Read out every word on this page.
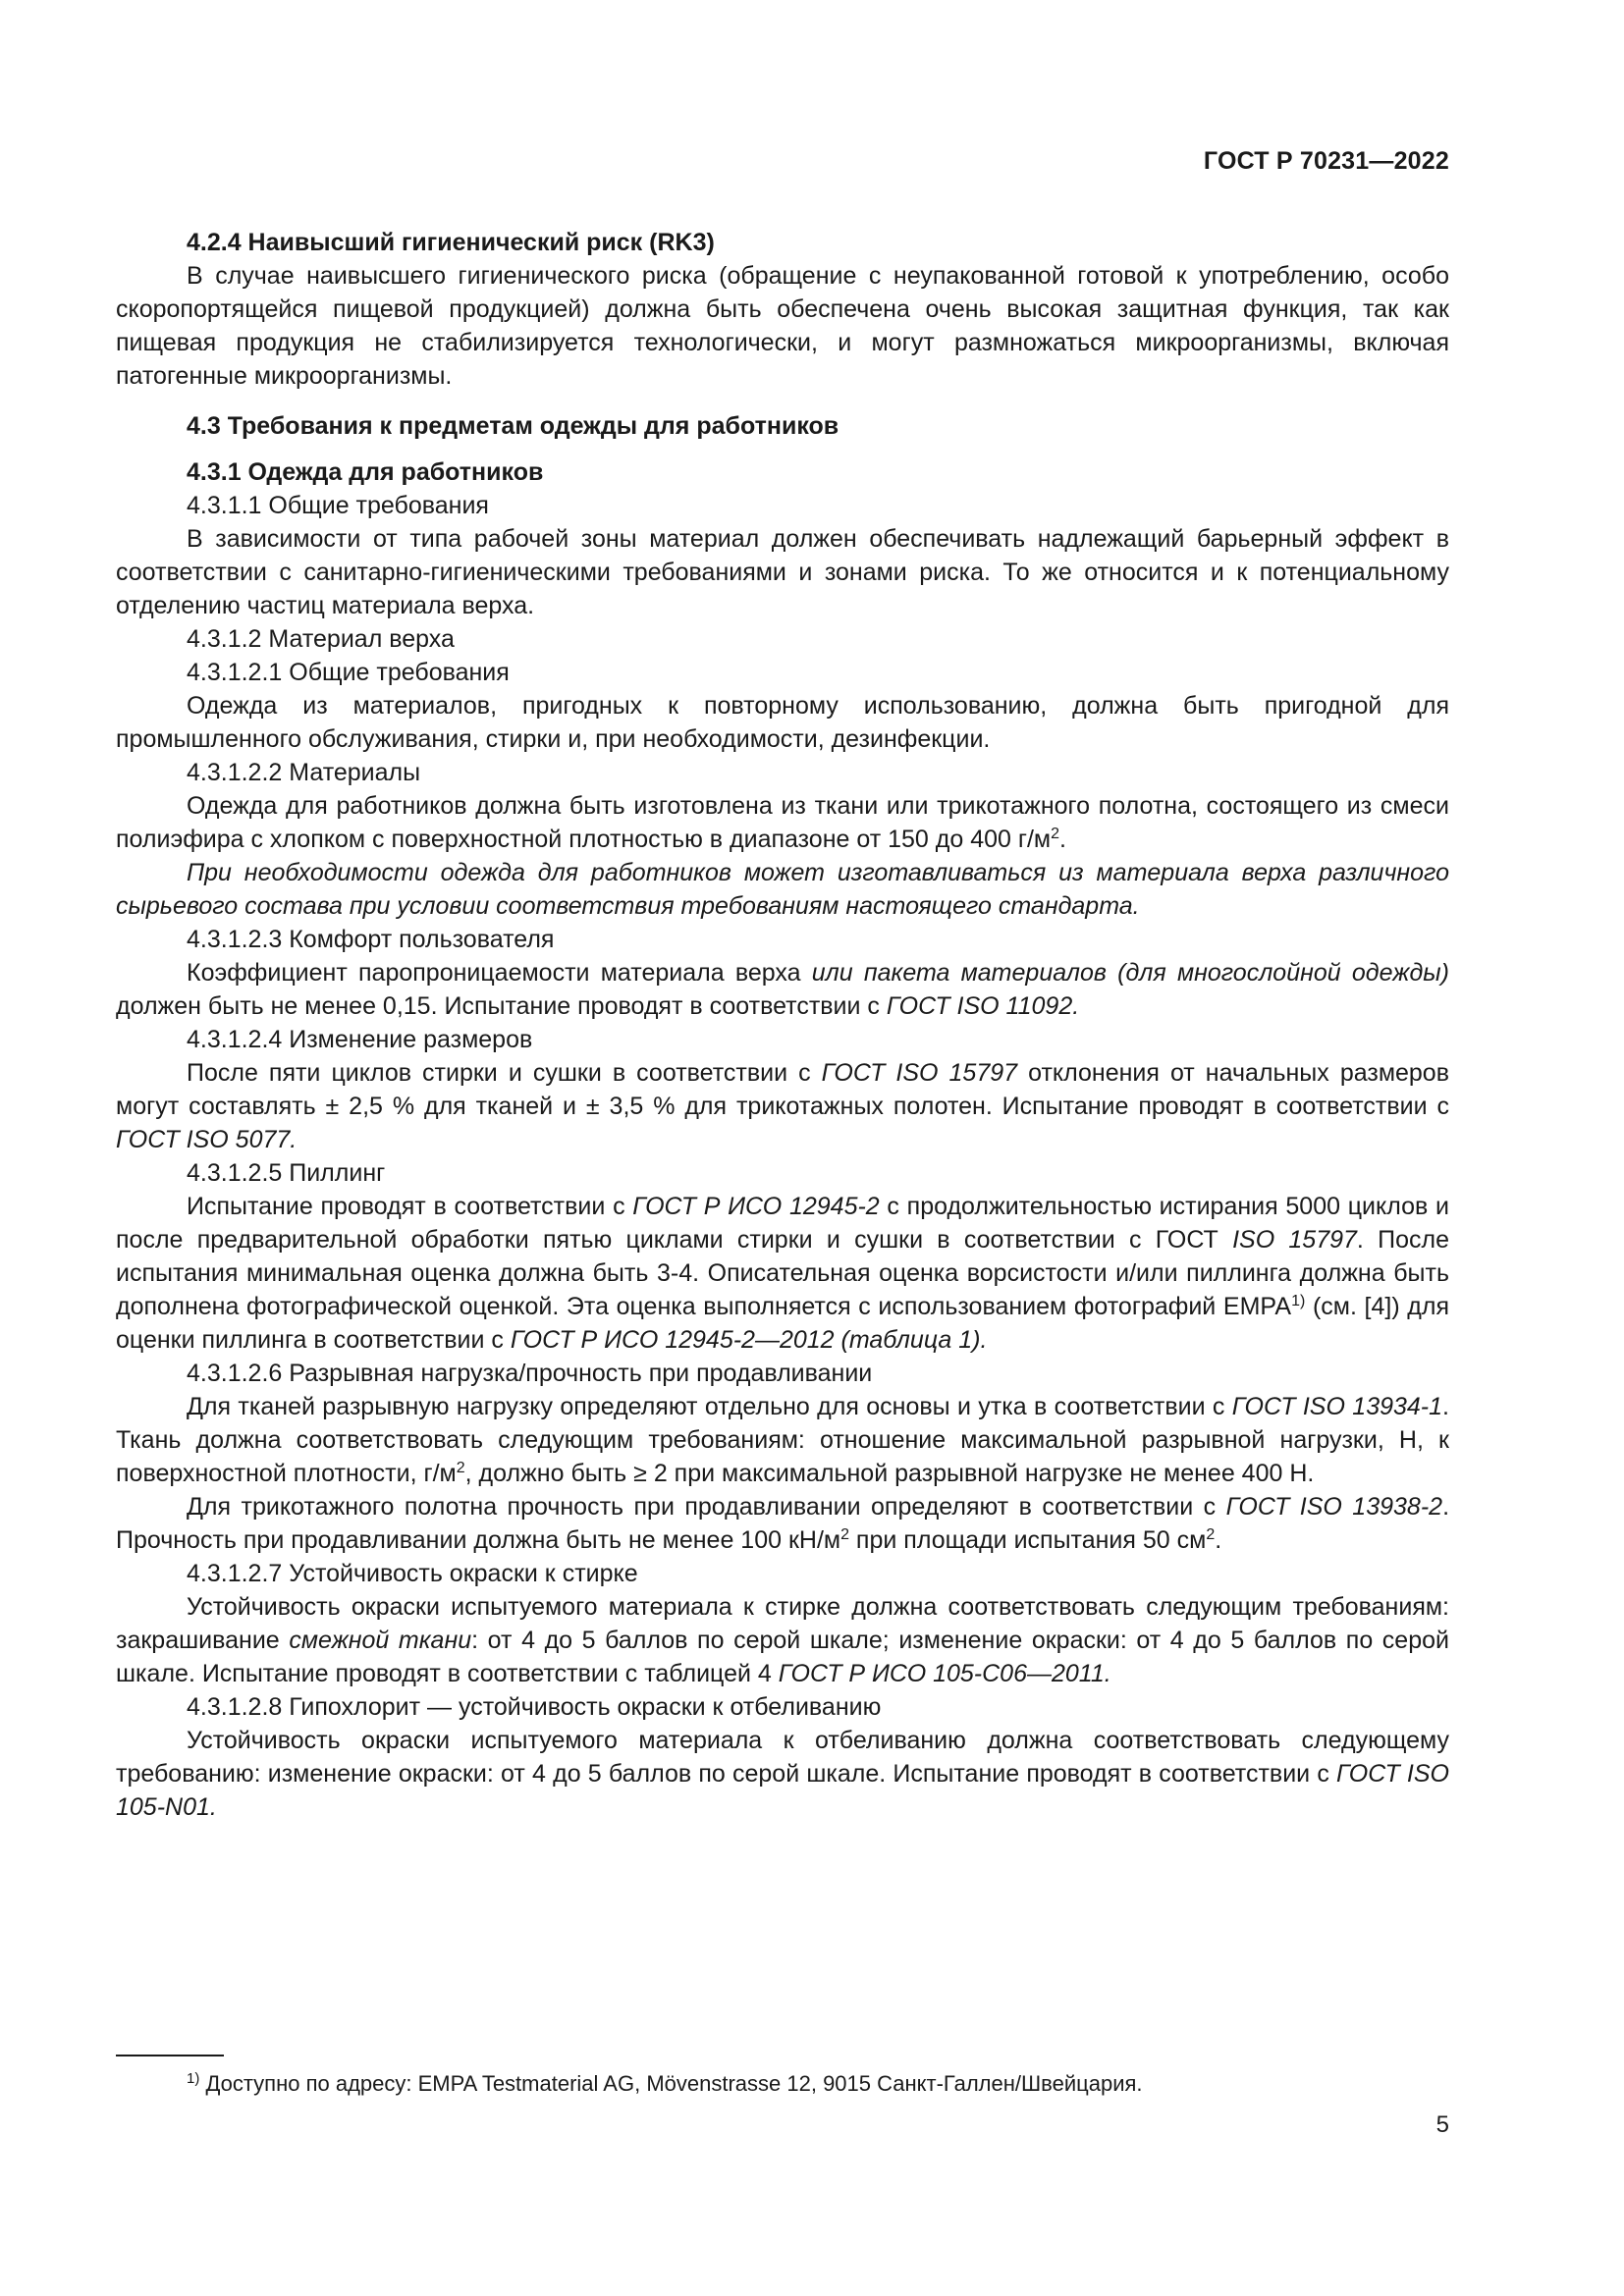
ГОСТ Р 70231—2022

4.2.4 Наивысший гигиенический риск (RK3)

В случае наивысшего гигиенического риска (обращение с неупакованной готовой к употреблению, особо скоропортящейся пищевой продукцией) должна быть обеспечена очень высокая защитная функция, так как пищевая продукция не стабилизируется технологически, и могут размножаться микроорганизмы, включая патогенные микроорганизмы.

4.3 Требования к предметам одежды для работников

4.3.1 Одежда для работников

4.3.1.1 Общие требования

В зависимости от типа рабочей зоны материал должен обеспечивать надлежащий барьерный эффект в соответствии с санитарно-гигиеническими требованиями и зонами риска. То же относится и к потенциальному отделению частиц материала верха.

4.3.1.2 Материал верха

4.3.1.2.1 Общие требования

Одежда из материалов, пригодных к повторному использованию, должна быть пригодной для промышленного обслуживания, стирки и, при необходимости, дезинфекции.

4.3.1.2.2 Материалы

Одежда для работников должна быть изготовлена из ткани или трикотажного полотна, состоящего из смеси полиэфира с хлопком с поверхностной плотностью в диапазоне от 150 до 400 $г/м^2$.

При необходимости одежда для работников может изготавливаться из материала верха различного сырьевого состава при условии соответствия требованиям настоящего стандарта.

4.3.1.2.3 Комфорт пользователя

Коэффициент паропроницаемости материала верха или пакета материалов (для многослойной одежды) должен быть не менее 0,15. Испытание проводят в соответствии с ГОСТ ISO 11092.

4.3.1.2.4 Изменение размеров

После пяти циклов стирки и сушки в соответствии с ГОСТ ISO 15797 отклонения от начальных размеров могут составлять ± 2,5 % для тканей и ± 3,5 % для трикотажных полотен. Испытание проводят в соответствии с ГОСТ ISO 5077.

4.3.1.2.5 Пиллинг

Испытание проводят в соответствии с ГОСТ Р ИСО 12945-2 с продолжительностью истирания 5000 циклов и после предварительной обработки пятью циклами стирки и сушки в соответствии с ГОСТ ISO 15797. После испытания минимальная оценка должна быть 3-4. Описательная оценка ворсистости и/или пиллинга должна быть дополнена фотографической оценкой. Эта оценка выполняется с использованием фотографий ЕМРА$^{1)}$ (см. [4]) для оценки пиллинга в соответствии с ГОСТ Р ИСО 12945-2—2012 (таблица 1).

4.3.1.2.6 Разрывная нагрузка/прочность при продавливании

Для тканей разрывную нагрузку определяют отдельно для основы и утка в соответствии с ГОСТ ISO 13934-1. Ткань должна соответствовать следующим требованиям: отношение максимальной разрывной нагрузки, Н, к поверхностной плотности, $г/м^2$, должно быть ≥ 2 при максимальной разрывной нагрузке не менее 400 Н.

Для трикотажного полотна прочность при продавливании определяют в соответствии с ГОСТ ISO 13938-2. Прочность при продавливании должна быть не менее 100 $кН/м^2$ при площади испытания 50 $см^2$.

4.3.1.2.7 Устойчивость окраски к стирке

Устойчивость окраски испытуемого материала к стирке должна соответствовать следующим требованиям: закрашивание смежной ткани: от 4 до 5 баллов по серой шкале; изменение окраски: от 4 до 5 баллов по серой шкале. Испытание проводят в соответствии с таблицей 4 ГОСТ Р ИСО 105-С06—2011.

4.3.1.2.8 Гипохлорит — устойчивость окраски к отбеливанию

Устойчивость окраски испытуемого материала к отбеливанию должна соответствовать следующему требованию: изменение окраски: от 4 до 5 баллов по серой шкале. Испытание проводят в соответствии с ГОСТ ISO 105-N01.

$^{1)}$ Доступно по адресу: EMPA Testmaterial AG, Mövenstrasse 12, 9015 Санкт-Галлен/Швейцария.
5
